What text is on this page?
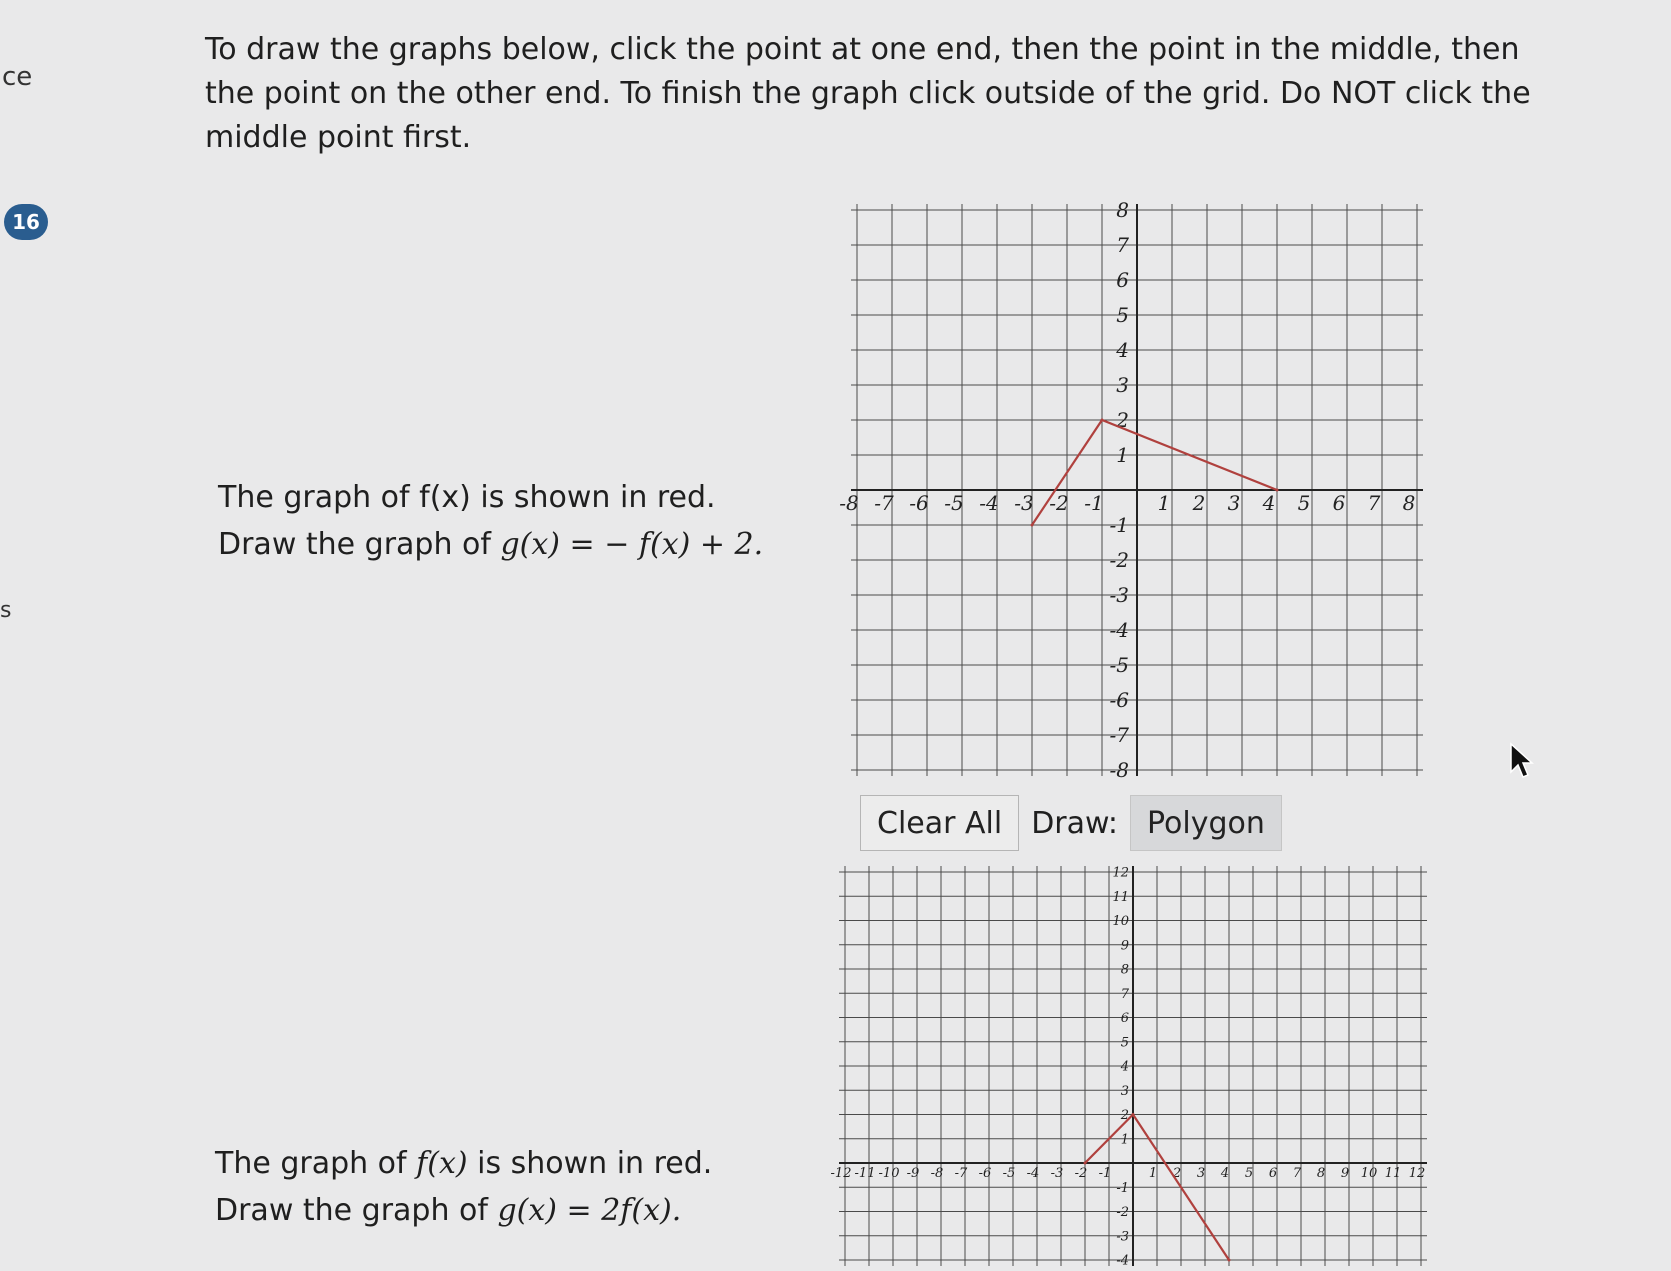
ce
16
s

To draw the graphs below, click the point at one end, then the point in the middle, then the point on the other end. To finish the graph click outside of the grid. Do NOT click the middle point first.

The graph of f(x) is shown in red.
Draw the graph of g(x) = − f(x) + 2.
-8 -7 -6 -5 -4 -3 -2 -1	1 2 3 4 5 6 7 8
-8
-7
-6
-5
-4
-3
-2
-1
1
2
3
4
5
6
7
8
Clear All Draw: Polygon
-12 -11 -10 -9 -8 -7 -6 -5 -4 -3 -2 -1	1 2 3 4 5 6 7 8 9 10 11 12
-4
-3
-2
-1
1
2
3
4
5
6
7
8
9
10
11
12
The graph of f(x) is shown in red.
Draw the graph of g(x) = 2f(x).
